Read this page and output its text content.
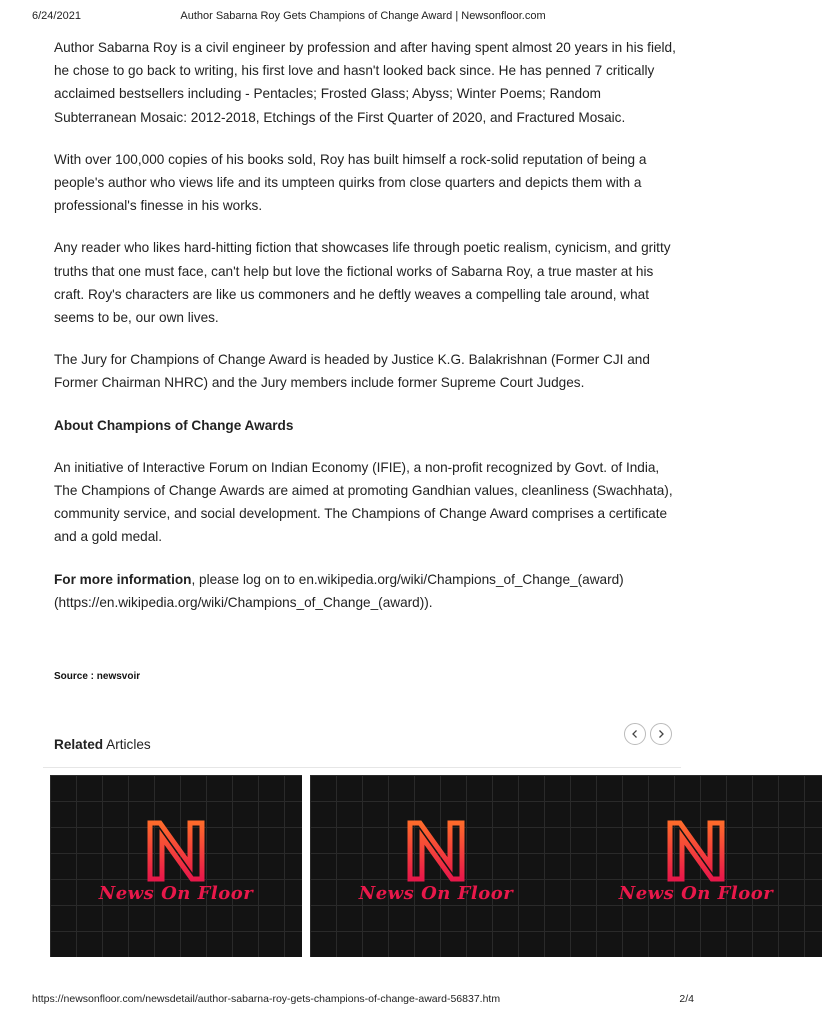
6/24/2021	Author Sabarna Roy Gets Champions of Change Award | Newsonfloor.com

Author Sabarna Roy is a civil engineer by profession and after having spent almost 20 years in his field, he chose to go back to writing, his first love and hasn't looked back since. He has penned 7 critically acclaimed bestsellers including - Pentacles; Frosted Glass; Abyss; Winter Poems; Random Subterranean Mosaic: 2012-2018, Etchings of the First Quarter of 2020, and Fractured Mosaic.

With over 100,000 copies of his books sold, Roy has built himself a rock-solid reputation of being a people's author who views life and its umpteen quirks from close quarters and depicts them with a professional's finesse in his works.

Any reader who likes hard-hitting fiction that showcases life through poetic realism, cynicism, and gritty truths that one must face, can't help but love the fictional works of Sabarna Roy, a true master at his craft. Roy's characters are like us commoners and he deftly weaves a compelling tale around, what seems to be, our own lives.

The Jury for Champions of Change Award is headed by Justice K.G. Balakrishnan (Former CJI and Former Chairman NHRC) and the Jury members include former Supreme Court Judges.

About Champions of Change Awards

An initiative of Interactive Forum on Indian Economy (IFIE), a non-profit recognized by Govt. of India, The Champions of Change Awards are aimed at promoting Gandhian values, cleanliness (Swachhata), community service, and social development. The Champions of Change Award comprises a certificate and a gold medal.

For more information, please log on to en.wikipedia.org/wiki/Champions_of_Change_(award) (https://en.wikipedia.org/wiki/Champions_of_Change_(award)).

Source : newsvoir
Related Articles
News On Floor	News On Floor	News On Floor
https://newsonfloor.com/newsdetail/author-sabarna-roy-gets-champions-of-change-award-56837.htm	2/4
